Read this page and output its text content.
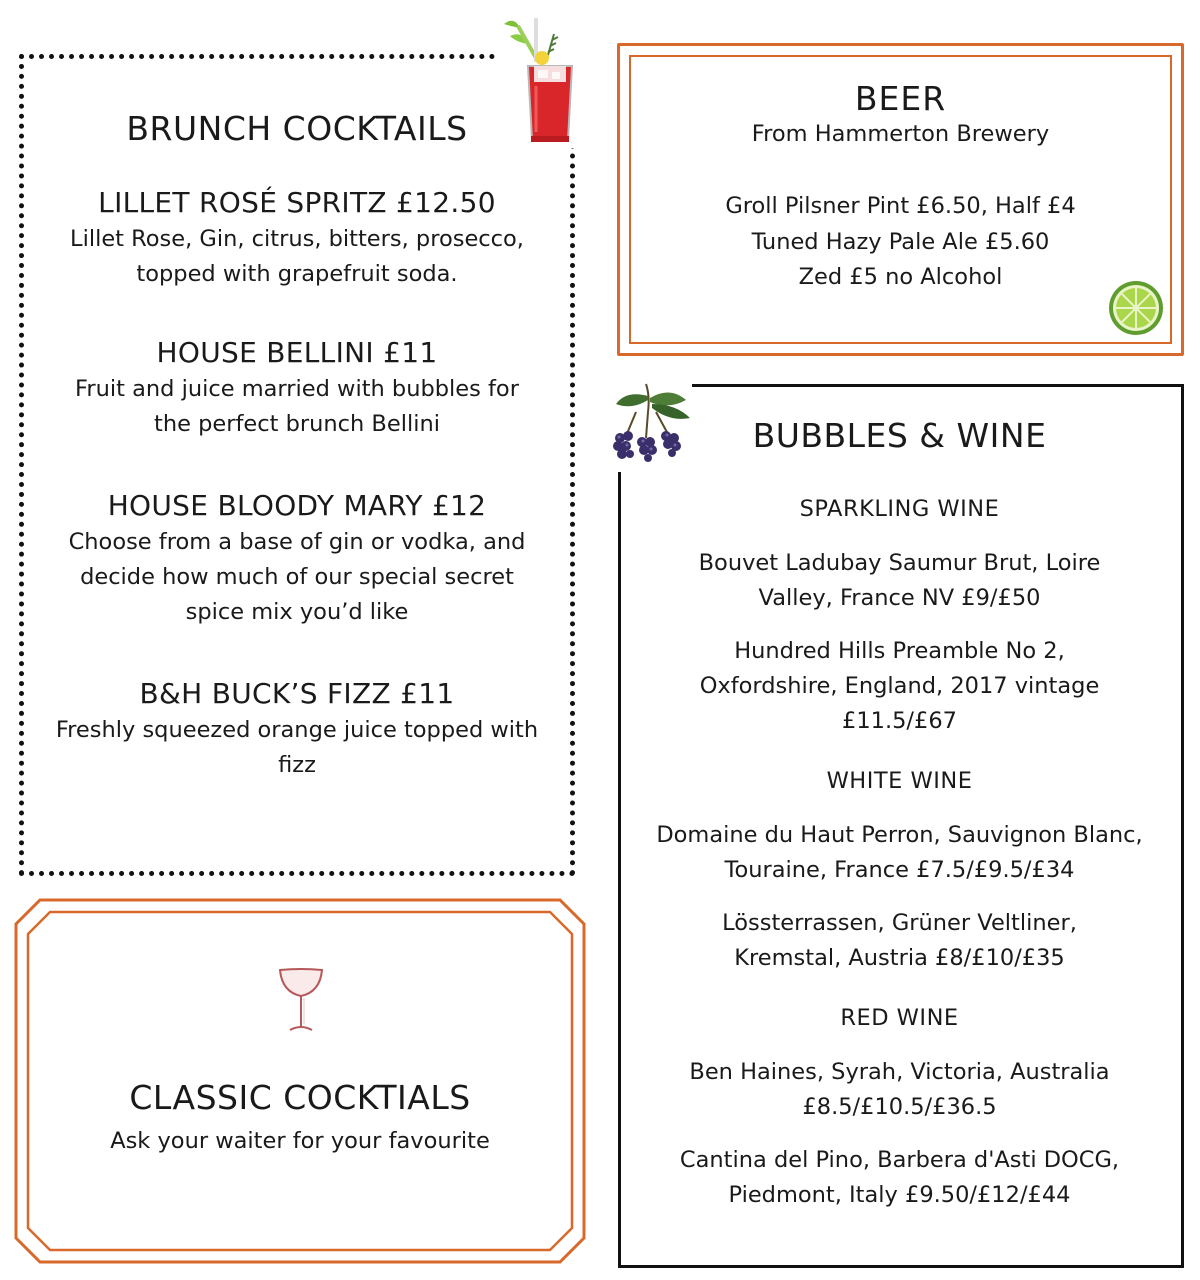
BRUNCH COCKTAILS
LILLET ROSÉ SPRITZ £12.50
Lillet Rose, Gin, citrus, bitters, prosecco, topped with grapefruit soda.
HOUSE BELLINI £11
Fruit and juice married with bubbles for the perfect brunch Bellini
HOUSE BLOODY MARY £12
Choose from a base of gin or vodka, and decide how much of our special secret spice mix you’d like
B&H BUCK’S FIZZ £11
Freshly squeezed orange juice topped with fizz
CLASSIC COCKTIALS
Ask your waiter for your favourite
BEER
From Hammerton Brewery
Groll Pilsner Pint £6.50, Half £4
Tuned Hazy Pale Ale £5.60
Zed £5 no Alcohol
BUBBLES & WINE
SPARKLING WINE
Bouvet Ladubay Saumur Brut, Loire Valley, France NV £9/£50
Hundred Hills Preamble No 2, Oxfordshire, England, 2017 vintage £11.5/£67
WHITE WINE
Domaine du Haut Perron, Sauvignon Blanc, Touraine, France £7.5/£9.5/£34
Lössterrassen, Grüner Veltliner, Kremstal, Austria £8/£10/£35
RED WINE
Ben Haines, Syrah, Victoria, Australia £8.5/£10.5/£36.5
Cantina del Pino, Barbera d'Asti DOCG, Piedmont, Italy £9.50/£12/£44
